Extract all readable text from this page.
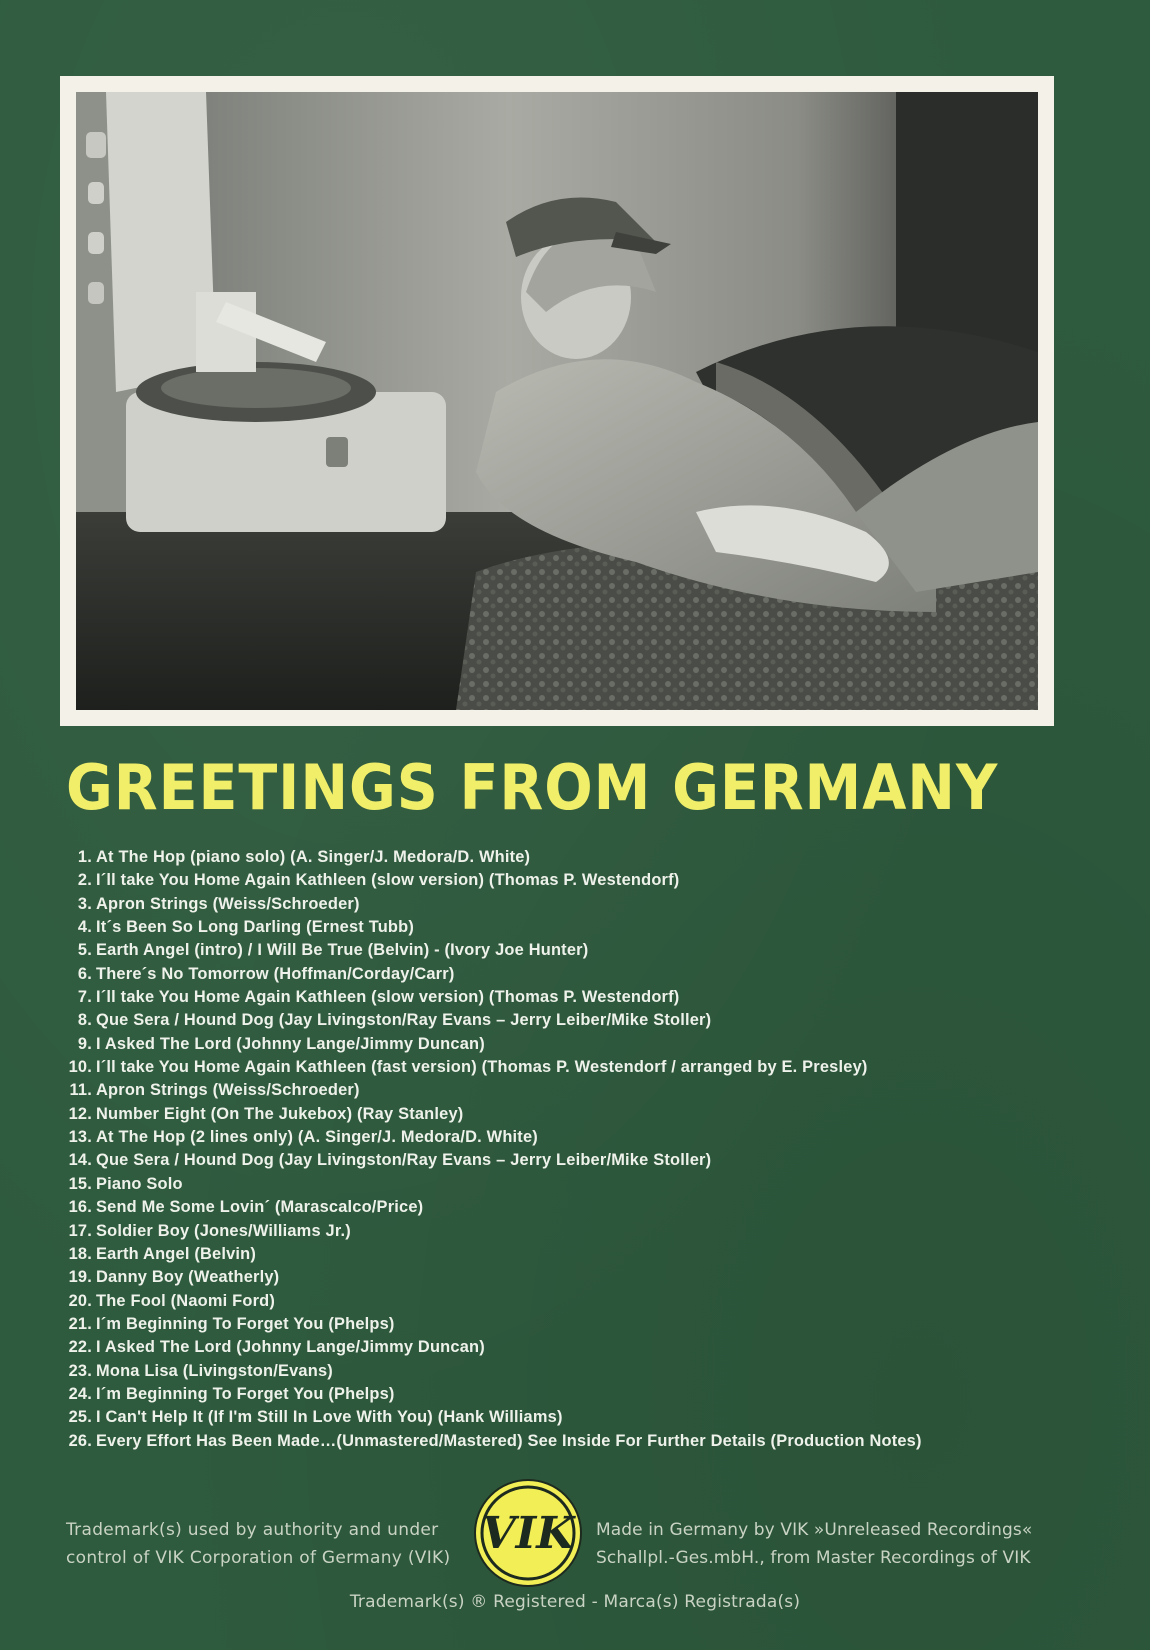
GREETINGS FROM GERMANY
1. At The Hop (piano solo) (A. Singer/J. Medora/D. White)
2. I´ll take You Home Again Kathleen (slow version) (Thomas P. Westendorf)
3. Apron Strings (Weiss/Schroeder)
4. It´s Been So Long Darling (Ernest Tubb)
5. Earth Angel (intro) / I Will Be True (Belvin) - (Ivory Joe Hunter)
6. There´s No Tomorrow (Hoffman/Corday/Carr)
7. I´ll take You Home Again Kathleen (slow version) (Thomas P. Westendorf)
8. Que Sera / Hound Dog (Jay Livingston/Ray Evans – Jerry Leiber/Mike Stoller)
9. I Asked The Lord (Johnny Lange/Jimmy Duncan)
10. I´ll take You Home Again Kathleen (fast version) (Thomas P. Westendorf / arranged by E. Presley)
11. Apron Strings (Weiss/Schroeder)
12. Number Eight (On The Jukebox) (Ray Stanley)
13. At The Hop (2 lines only) (A. Singer/J. Medora/D. White)
14. Que Sera / Hound Dog (Jay Livingston/Ray Evans – Jerry Leiber/Mike Stoller)
15. Piano Solo
16. Send Me Some Lovin´ (Marascalco/Price)
17. Soldier Boy (Jones/Williams Jr.)
18. Earth Angel (Belvin)
19. Danny Boy (Weatherly)
20. The Fool (Naomi Ford)
21. I´m Beginning To Forget You (Phelps)
22. I Asked The Lord (Johnny Lange/Jimmy Duncan)
23. Mona Lisa (Livingston/Evans)
24. I´m Beginning To Forget You (Phelps)
25. I Can't Help It (If I'm Still In Love With You) (Hank Williams)
26. Every Effort Has Been Made…(Unmastered/Mastered) See Inside For Further Details (Production Notes)
Trademark(s) used by authority and under
control of VIK Corporation of Germany (VIK) VIK Made in Germany by VIK »Unreleased Recordings«
Schallpl.-Ges.mbH., from Master Recordings of VIK
Trademark(s) ® Registered - Marca(s) Registrada(s)
